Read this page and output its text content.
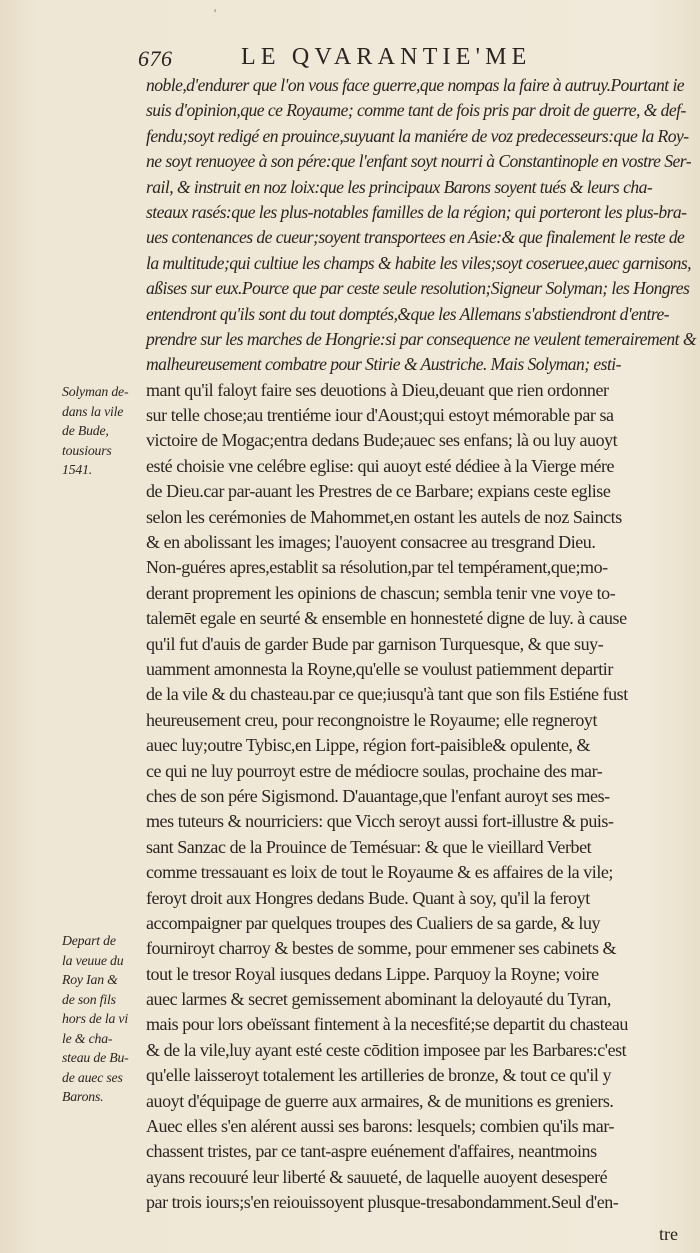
'
676	LE QVARANTIE'ME
Solyman de-
dans la vile
de Bude,
tousiours
1541.
Depart de
la veuue du
Roy Ian &
de son fils
hors de la vi
le & cha-
steau de Bu-
de auec ses
Barons.
noble,d'endurer que l'on vous face guerre,que nompas la faire à autruy.Pourtant ie
suis d'opinion,que ce Royaume; comme tant de fois pris par droit de guerre, & def-
fendu;soyt redigé en prouince,suyuant la maniére de voz predecesseurs:que la Roy-
ne soyt renuoyee à son pére:que l'enfant soyt nourri à Constantinople en vostre Ser-
rail, & instruit en noz loix:que les principaux Barons soyent tués & leurs cha-
steaux rasés:que les plus-notables familles de la région; qui porteront les plus-bra-
ues contenances de cueur;soyent transportees en Asie:& que finalement le reste de
la multitude;qui cultiue les champs & habite les viles;soyt coseruee,auec garnisons,
aßises sur eux.Pource que par ceste seule resolution;Signeur Solyman; les Hongres
entendront qu'ils sont du tout domptés,&que les Allemans s'abstiendront d'entre-
prendre sur les marches de Hongrie:si par consequence ne veulent temerairement &
malheureusement combatre pour Stirie & Austriche. Mais Solyman; esti-
mant qu'il faloyt faire ses deuotions à Dieu,deuant que rien ordonner
sur telle chose;au trentiéme iour d'Aoust;qui estoyt mémorable par sa
victoire de Mogac;entra dedans Bude;auec ses enfans; là ou luy auoyt
esté choisie vne celébre eglise: qui auoyt esté dédiee à la Vierge mére
de Dieu.car par-auant les Prestres de ce Barbare; expians ceste eglise
selon les cerémonies de Mahommet,en ostant les autels de noz Saincts
& en abolissant les images; l'auoyent consacree au tresgrand Dieu.
Non-guéres apres,establit sa résolution,par tel tempérament,que;mo-
derant proprement les opinions de chascun; sembla tenir vne voye to-
talemēt egale en seurté & ensemble en honnesteté digne de luy. à cause
qu'il fut d'auis de garder Bude par garnison Turquesque, & que suy-
uamment amonnesta la Royne,qu'elle se voulust patiemment departir
de la vile & du chasteau.par ce que;iusqu'à tant que son fils Estiéne fust
heureusement creu, pour recongnoistre le Royaume; elle regneroyt
auec luy;outre Tybisc,en Lippe, région fort-paisible& opulente, &
ce qui ne luy pourroyt estre de médiocre soulas, prochaine des mar-
ches de son pére Sigismond. D'auantage,que l'enfant auroyt ses mes-
mes tuteurs & nourriciers: que Vicch seroyt aussi fort-illustre & puis-
sant Sanzac de la Prouince de Temésuar: & que le vieillard Verbet
comme tressauant es loix de tout le Royaume & es affaires de la vile;
feroyt droit aux Hongres dedans Bude. Quant à soy, qu'il la feroyt
accompaigner par quelques troupes des Cualiers de sa garde, & luy
fourniroyt charroy & bestes de somme, pour emmener ses cabinets &
tout le tresor Royal iusques dedans Lippe. Parquoy la Royne; voire
auec larmes & secret gemissement abominant la deloyauté du Tyran,
mais pour lors obeïssant fintement à la necesfité;se departit du chasteau
& de la vile,luy ayant esté ceste cōdition imposee par les Barbares:c'est
qu'elle laisseroyt totalement les artilleries de bronze, & tout ce qu'il y
auoyt d'équipage de guerre aux armaires, & de munitions es greniers.
Auec elles s'en alérent aussi ses barons: lesquels; combien qu'ils mar-
chassent tristes, par ce tant-aspre euénement d'affaires, neantmoins
ayans recouuré leur liberté & sauueté, de laquelle auoyent desesperé
par trois iours;s'en reiouissoyent plusque-tresabondamment.Seul d'en-
tre
